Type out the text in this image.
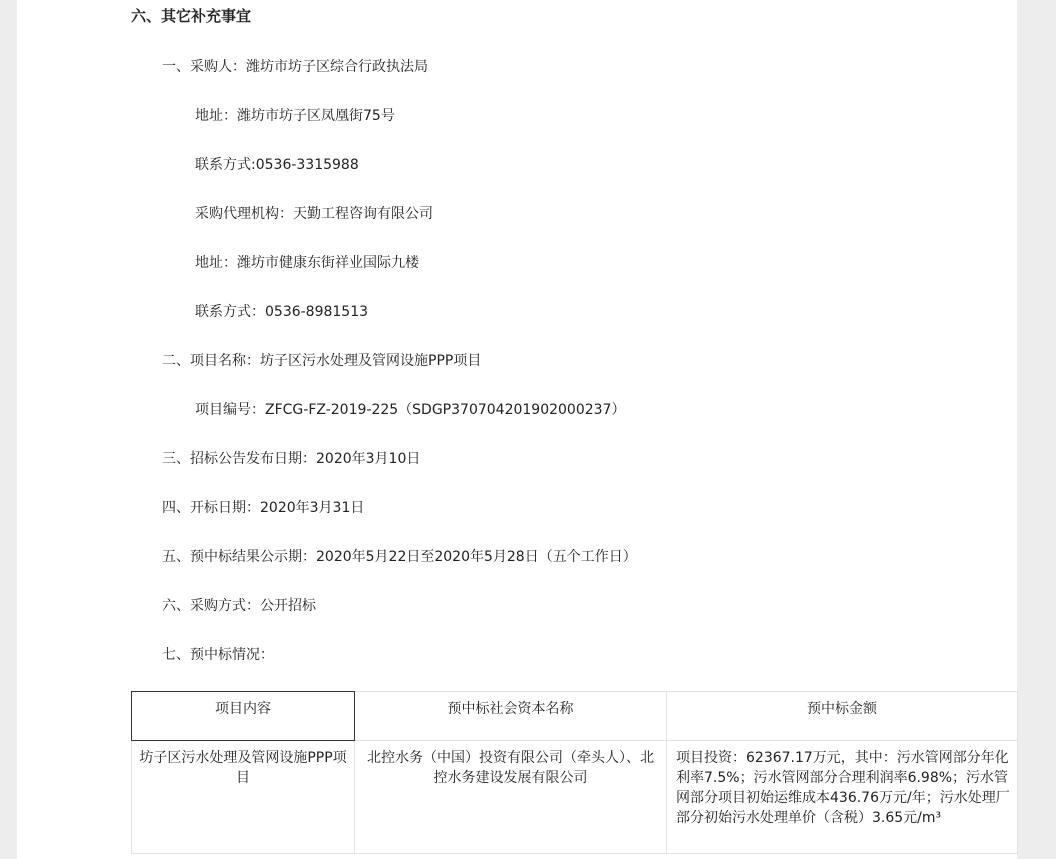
六、其它补充事宜
一、采购人：潍坊市坊子区综合行政执法局
地址：潍坊市坊子区凤凰街75号
联系方式:0536-3315988
采购代理机构：天勤工程咨询有限公司
地址：潍坊市健康东街祥业国际九楼
联系方式：0536-8981513
二、项目名称：坊子区污水处理及管网设施PPP项目
项目编号：ZFCG-FZ-2019-225（SDGP370704201902000237）
三、招标公告发布日期：2020年3月10日
四、开标日期：2020年3月31日
五、预中标结果公示期：2020年5月22日至2020年5月28日（五个工作日）
六、采购方式：公开招标
七、预中标情况：
项目内容	预中标社会资本名称	预中标金额
坊子区污水处理及管网设施PPP项目	北控水务（中国）投资有限公司（牵头人）、北控水务建设发展有限公司	项目投资：62367.17万元，其中：污水管网部分年化利率7.5%；污水管网部分合理利润率6.98%；污水管网部分项目初始运维成本436.76万元/年；污水处理厂部分初始污水处理单价（含税）3.65元/m³
